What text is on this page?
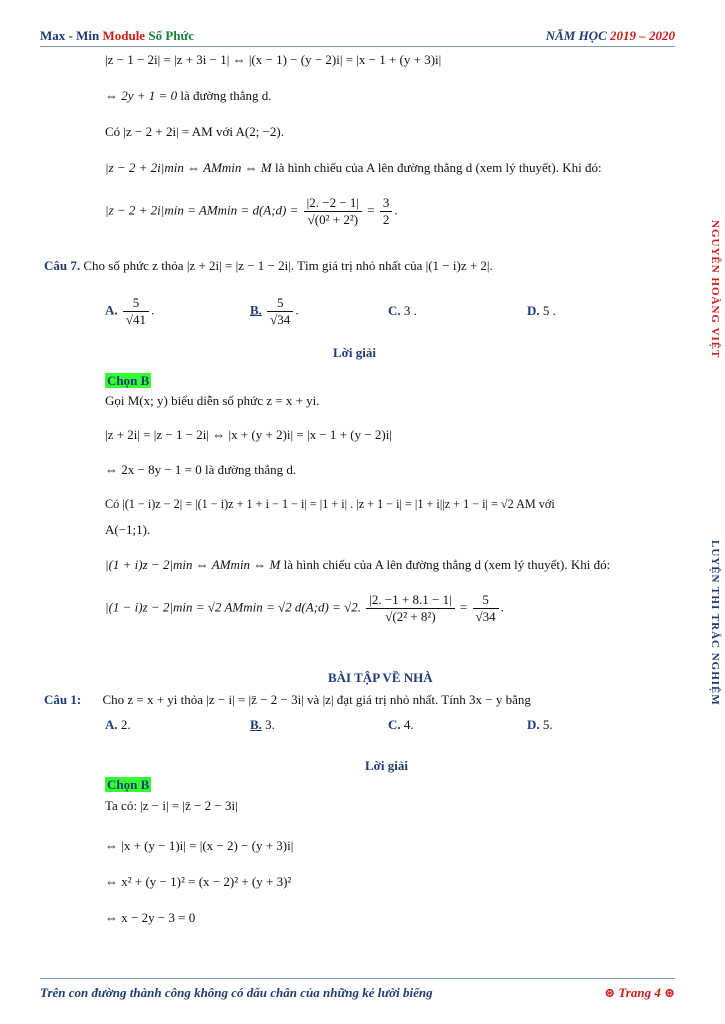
Max - Min Module Số Phức	NĂM HỌC 2019 – 2020
NGUYỄN HOÀNG VIỆT
LUYỆN THI TRẮC NGHIỆM
|z − 1 − 2i| = |z + 3i − 1| ⇔ |(x − 1) − (y − 2)i| = |x − 1 + (y + 3)i|
⇔ 2y + 1 = 0 là đường thẳng d.
Có |z − 2 + 2i| = AM với A(2; −2).
|z − 2 + 2i|min ⇔ AMmin ⇔ M là hình chiếu của A lên đường thẳng d (xem lý thuyết). Khi đó:
|z − 2 + 2i|min = AMmin = d(A;d) = $\frac{|2. -2 - 1|}{\text{√(0² + 2²)}} = \frac{3}{2}$ .
Câu 7. Cho số phức z thỏa |z + 2i| = |z − 1 − 2i|. Tìm giá trị nhỏ nhất của |(1 − i)z + 2|.
A. $\frac{5}{√41}$ .	B. $\frac{5}{√34}$ .	C. 3 .	D. 5 .
Lời giải
Chọn B
Gọi M(x; y) biểu diễn số phức z = x + yi.
|z + 2i| = |z − 1 − 2i| ⇔ |x + (y + 2)i| = |x − 1 + (y − 2)i|
⇔ 2x − 8y − 1 = 0 là đường thẳng d.
Có |(1 − i)z − 2| = |(1 − i)z + 1 + i − 1 − i| = |1 + i| . |z + 1 − i| = |1 + i||z + 1 − i| = √2 AM với
A(−1;1).
|(1 + i)z − 2|min ⇔ AMmin ⇔ M là hình chiếu của A lên đường thẳng d (xem lý thuyết). Khi đó:
|(1 − i)z − 2|min = √2 AMmin = √2 d(A;d) = √2. $\frac{|2. -1 + 8.1 - 1|}{\text{√(2² + 8²)}} = \frac{5}{√34}$ .
BÀI TẬP VỀ NHÀ
Câu 1: Cho z = x + yi thỏa |z − i| = |z̄ − 2 − 3i| và |z| đạt giá trị nhỏ nhất. Tính 3x − y bằng
A. 2.	B. 3.	C. 4.	D. 5.
Lời giải
Chọn B
Ta có: |z − i| = |z̄ − 2 − 3i|
⇔ |x + (y − 1)i| = |(x − 2) − (y + 3)i|
⇔ x² + (y − 1)² = (x − 2)² + (y + 3)²
⇔ x − 2y − 3 = 0
Trên con đường thành công không có dấu chân của những kẻ lười biếng	⊛ Trang 4 ⊛
